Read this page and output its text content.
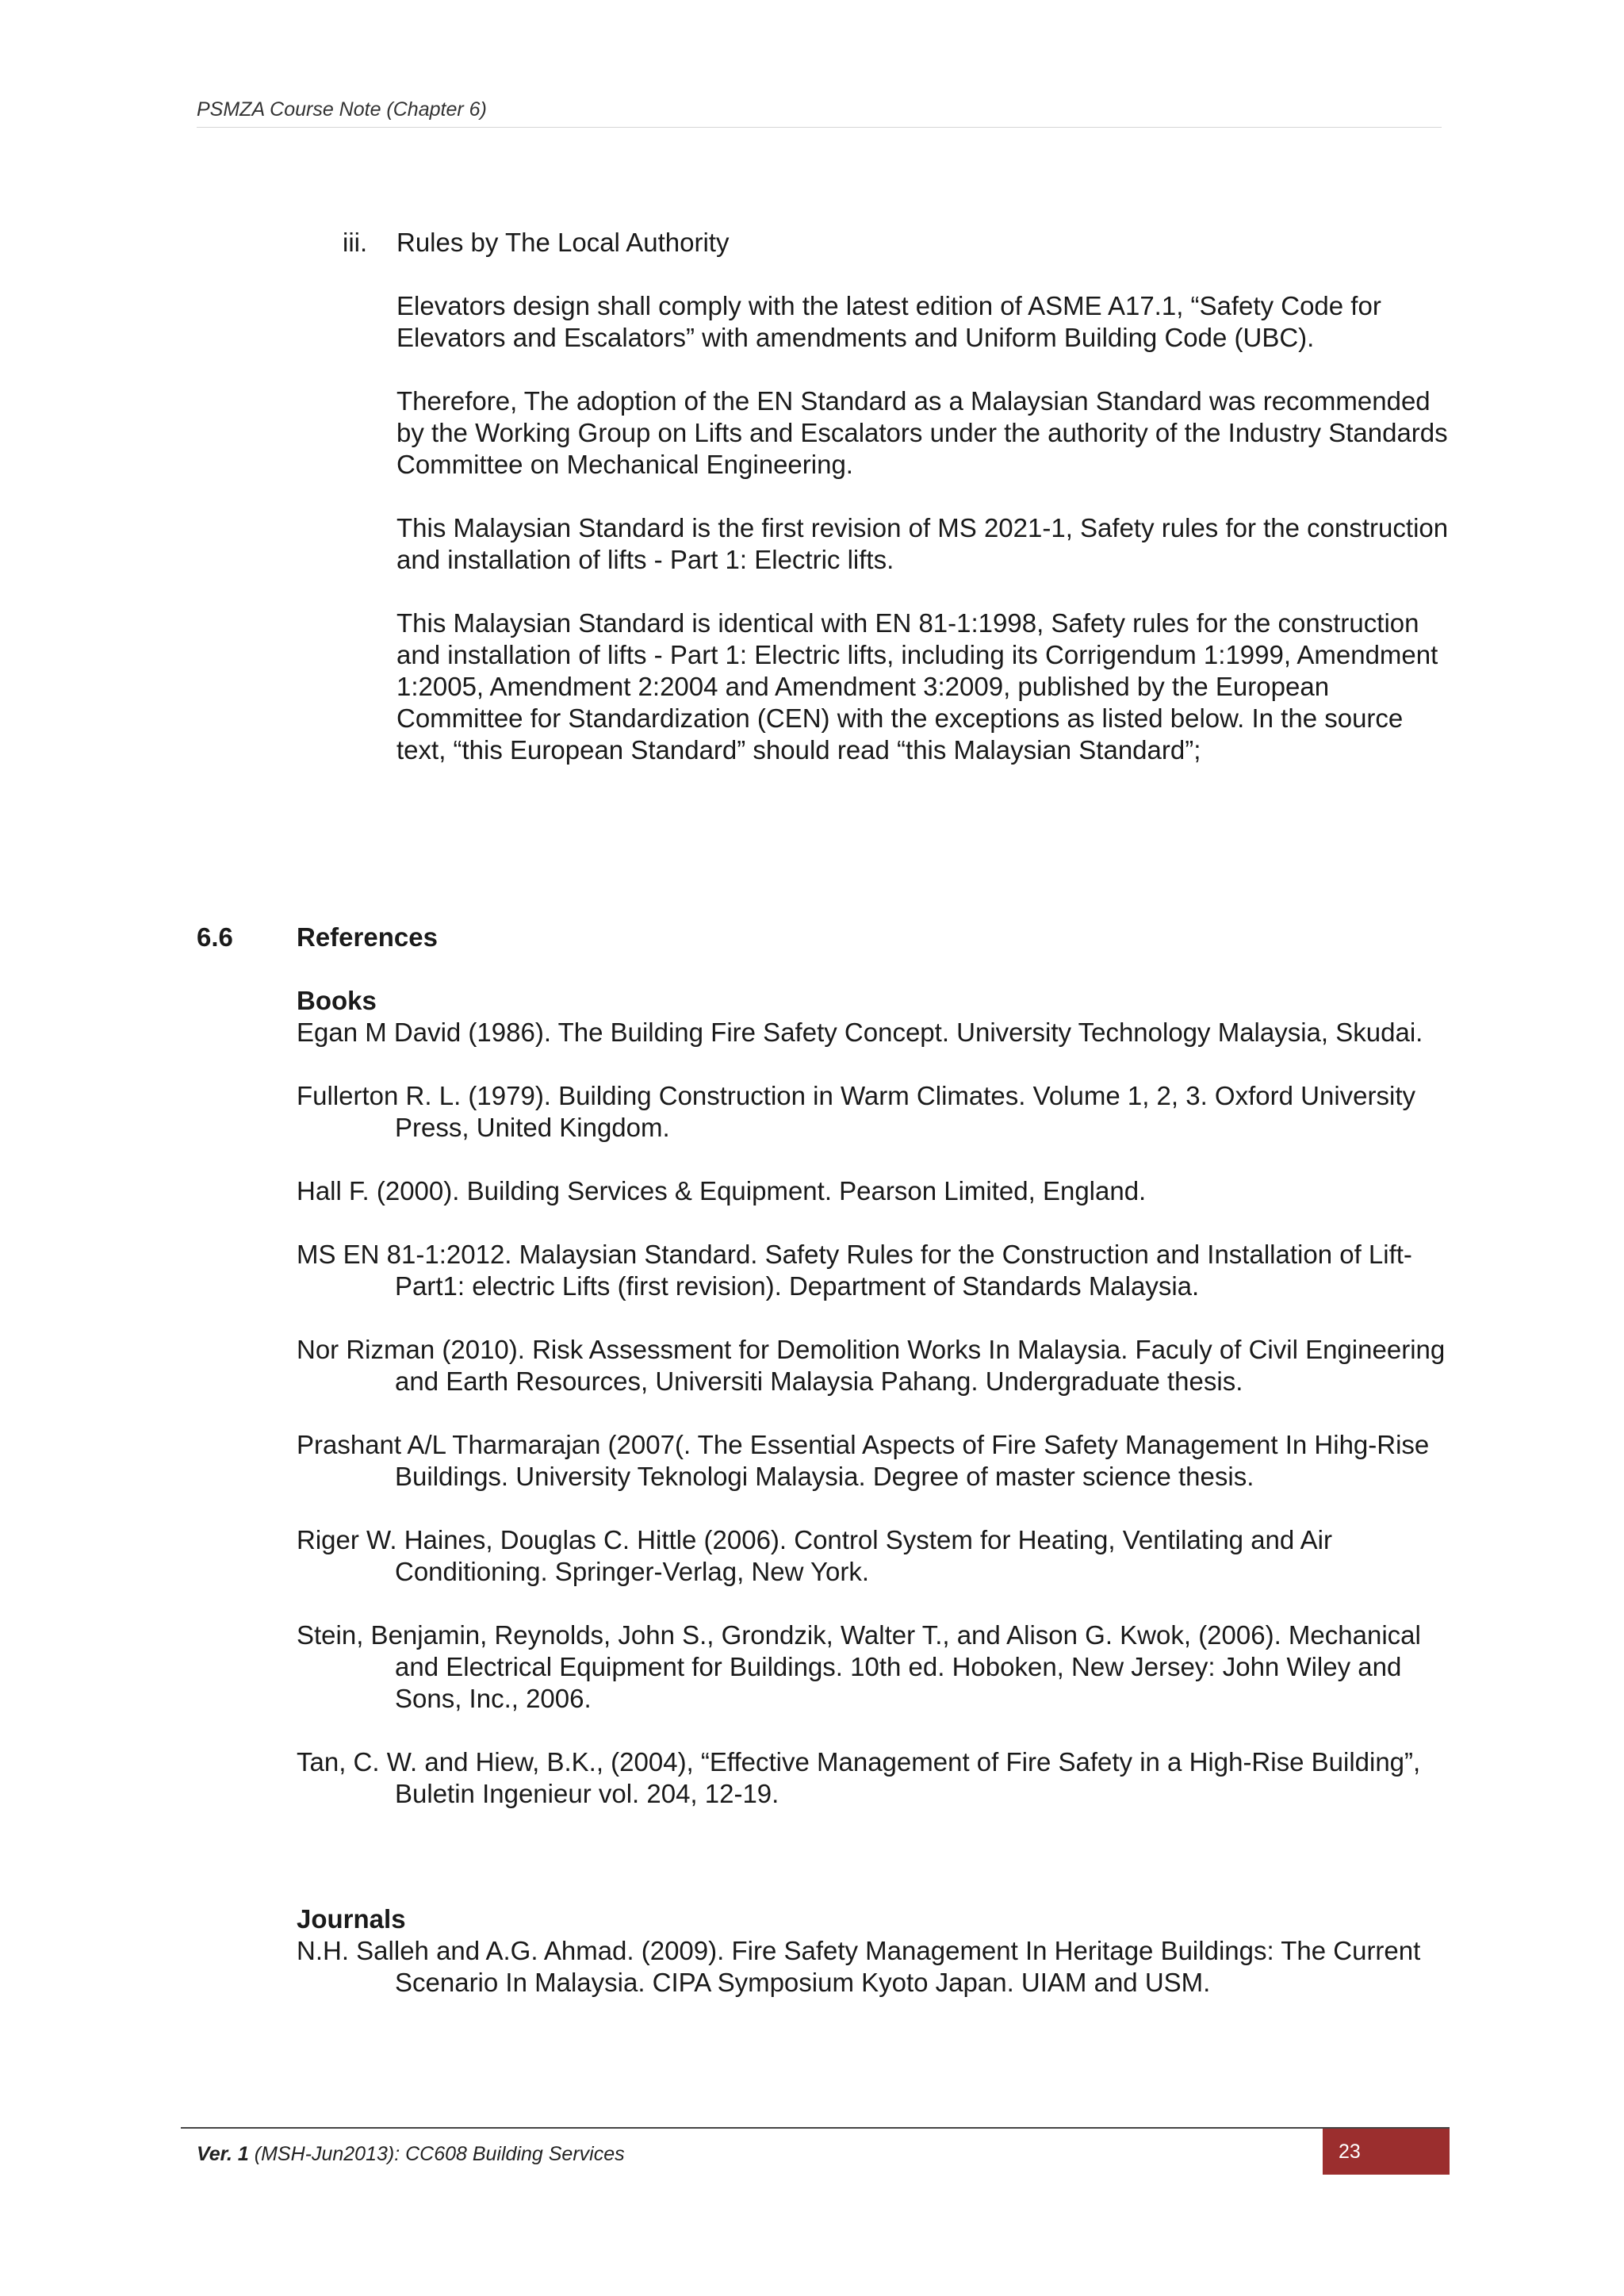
PSMZA Course Note (Chapter 6)
iii.	Rules by The Local Authority

Elevators design shall comply with the latest edition of ASME A17.1, “Safety Code for Elevators and Escalators” with amendments and Uniform Building Code (UBC).

Therefore, The adoption of the EN Standard as a Malaysian Standard was recommended by the Working Group on Lifts and Escalators under the authority of the Industry Standards Committee on Mechanical Engineering.

This Malaysian Standard is the first revision of MS 2021-1, Safety rules for the construction and installation of lifts - Part 1: Electric lifts.

This Malaysian Standard is identical with EN 81-1:1998, Safety rules for the construction and installation of lifts - Part 1: Electric lifts, including its Corrigendum 1:1999, Amendment 1:2005, Amendment 2:2004 and Amendment 3:2009, published by the European Committee for Standardization (CEN) with the exceptions as listed below. In the source text, “this European Standard” should read “this Malaysian Standard”;

6.6	References
Books
Egan M David (1986). The Building Fire Safety Concept. University Technology Malaysia, Skudai.
Fullerton R. L. (1979). Building Construction in Warm Climates. Volume 1, 2, 3. Oxford University Press, United Kingdom.
Hall F. (2000). Building Services & Equipment. Pearson Limited, England.
MS EN 81-1:2012. Malaysian Standard. Safety Rules for the Construction and Installation of Lift- Part1: electric Lifts (first revision). Department of Standards Malaysia.
Nor Rizman (2010). Risk Assessment for Demolition Works In Malaysia. Faculy of Civil Engineering and Earth Resources, Universiti Malaysia Pahang. Undergraduate thesis.
Prashant A/L Tharmarajan (2007(. The Essential Aspects of Fire Safety Management In Hihg-Rise Buildings. University Teknologi Malaysia. Degree of master science thesis.
Riger W. Haines, Douglas C. Hittle (2006). Control System for Heating, Ventilating and Air Conditioning. Springer-Verlag, New York.
Stein, Benjamin, Reynolds, John S., Grondzik, Walter T., and Alison G. Kwok, (2006). Mechanical and Electrical Equipment for Buildings. 10th ed. Hoboken, New Jersey: John Wiley and Sons, Inc., 2006.
Tan, C. W. and Hiew, B.K., (2004), “Effective Management of Fire Safety in a High-Rise Building”, Buletin Ingenieur vol. 204, 12-19.
Journals
N.H. Salleh and A.G. Ahmad. (2009). Fire Safety Management In Heritage Buildings: The Current Scenario In Malaysia. CIPA Symposium Kyoto Japan. UIAM and USM.
Ver. 1 (MSH-Jun2013): CC608 Building Services	23
